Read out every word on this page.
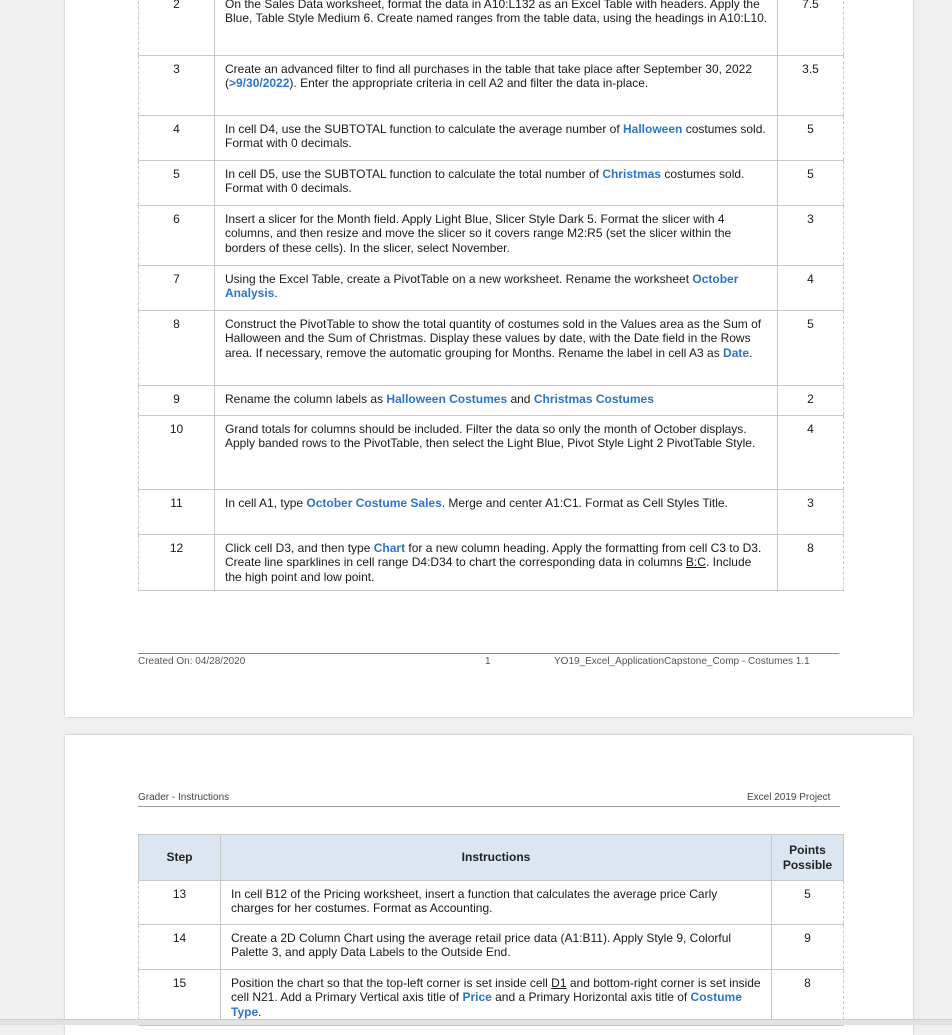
2	On the Sales Data worksheet, format the data in A10:L132 as an Excel Table with headers. Apply the Blue, Table Style Medium 6. Create named ranges from the table data, using the headings in A10:L10.	7.5
3	Create an advanced filter to find all purchases in the table that take place after September 30, 2022 (>9/30/2022). Enter the appropriate criteria in cell A2 and filter the data in-place.	3.5
4	In cell D4, use the SUBTOTAL function to calculate the average number of Halloween costumes sold. Format with 0 decimals.	5
5	In cell D5, use the SUBTOTAL function to calculate the total number of Christmas costumes sold. Format with 0 decimals.	5
6	Insert a slicer for the Month field. Apply Light Blue, Slicer Style Dark 5. Format the slicer with 4 columns, and then resize and move the slicer so it covers range M2:R5 (set the slicer within the borders of these cells). In the slicer, select November.	3
7	Using the Excel Table, create a PivotTable on a new worksheet. Rename the worksheet October Analysis.	4
8	Construct the PivotTable to show the total quantity of costumes sold in the Values area as the Sum of Halloween and the Sum of Christmas. Display these values by date, with the Date field in the Rows area. If necessary, remove the automatic grouping for Months. Rename the label in cell A3 as Date.	5
9	Rename the column labels as Halloween Costumes and Christmas Costumes	2
10	Grand totals for columns should be included. Filter the data so only the month of October displays. Apply banded rows to the PivotTable, then select the Light Blue, Pivot Style Light 2 PivotTable Style.	4
11	In cell A1, type October Costume Sales. Merge and center A1:C1. Format as Cell Styles Title.	3
12	Click cell D3, and then type Chart for a new column heading. Apply the formatting from cell C3 to D3. Create line sparklines in cell range D4:D34 to chart the corresponding data in columns B:C. Include the high point and low point.	8
Created On: 04/28/2020	1	YO19_Excel_ApplicationCapstone_Comp - Costumes 1.1
Grader - Instructions	Excel 2019 Project
Step	Instructions	Points Possible
13	In cell B12 of the Pricing worksheet, insert a function that calculates the average price Carly charges for her costumes. Format as Accounting.	5
14	Create a 2D Column Chart using the average retail price data (A1:B11). Apply Style 9, Colorful Palette 3, and apply Data Labels to the Outside End.	9
15	Position the chart so that the top-left corner is set inside cell D1 and bottom-right corner is set inside cell N21. Add a Primary Vertical axis title of Price and a Primary Horizontal axis title of Costume Type.	8
